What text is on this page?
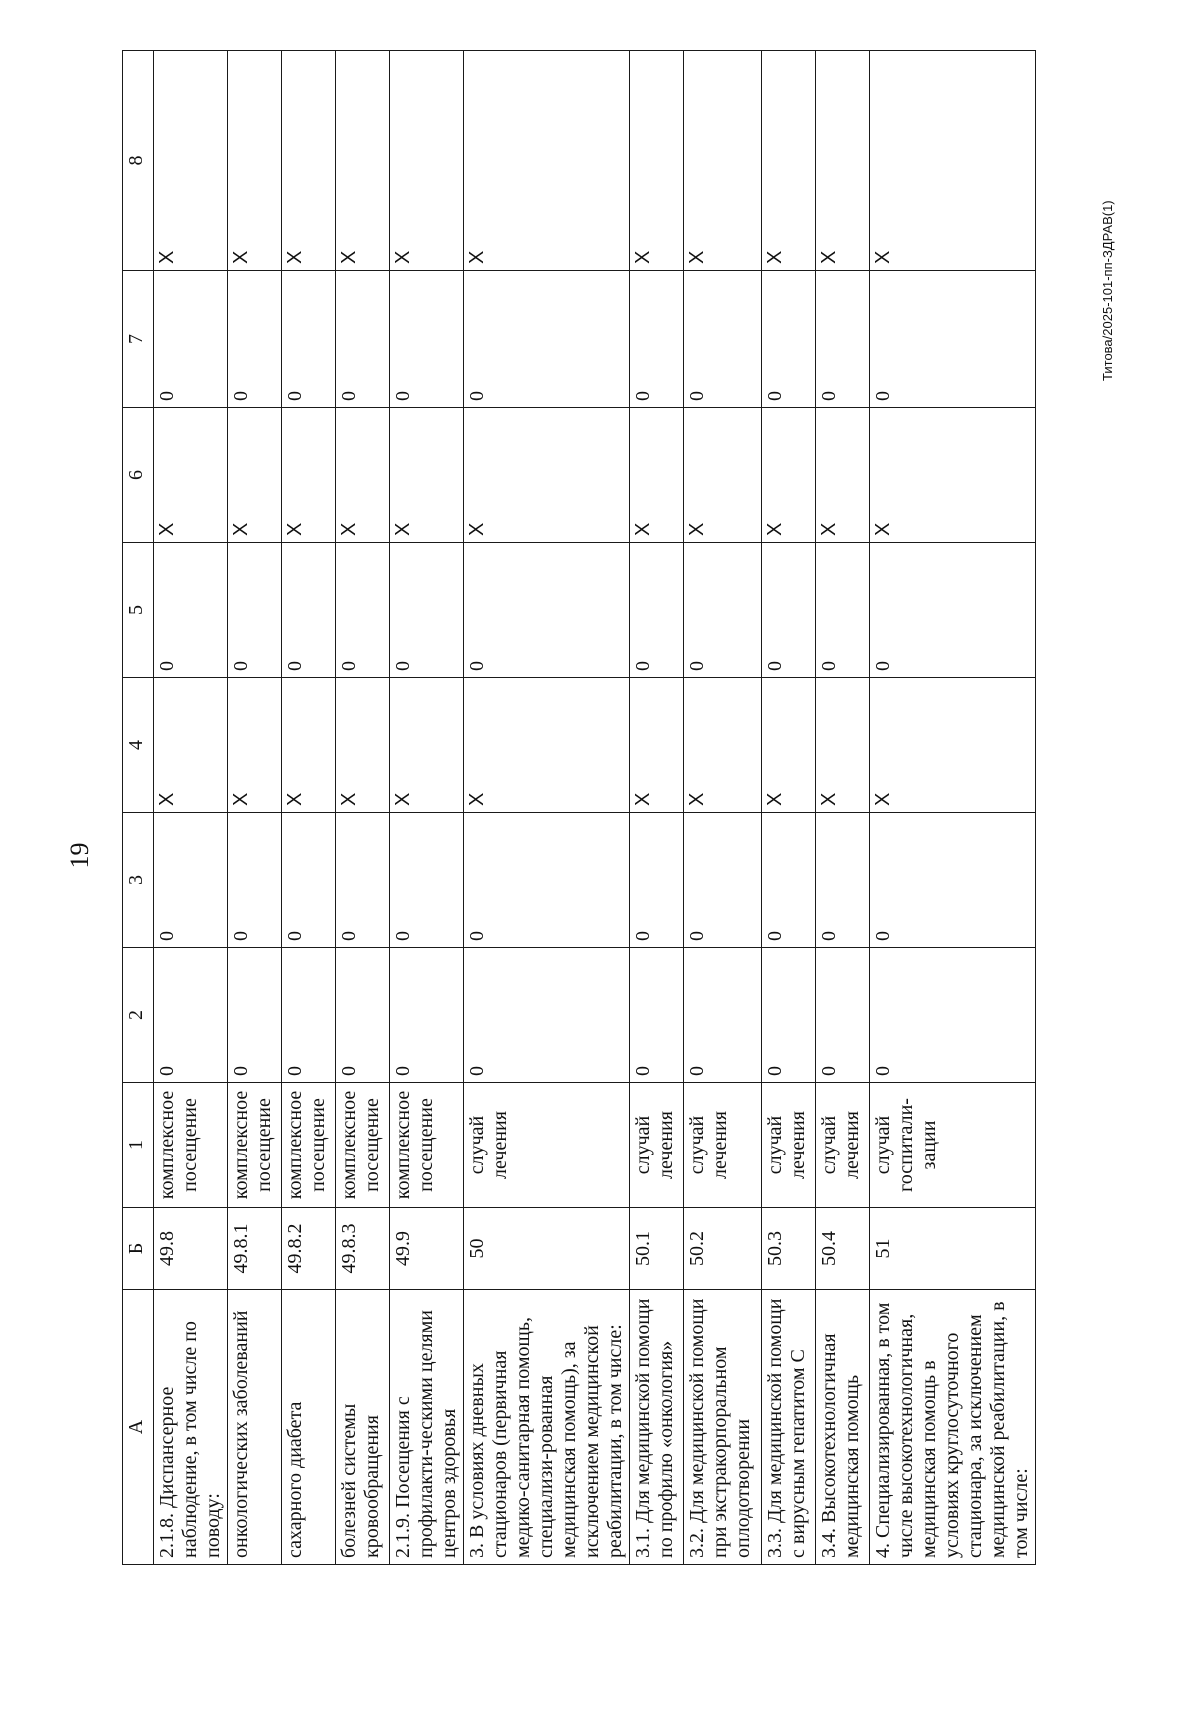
19
А	Б	1	2	3	4	5	6	7	8
2.1.8. Диспансерное наблюдение, в том числе по поводу:	49.8	комплексное посещение	0	0	X	0	X	0	X
онкологических заболеваний	49.8.1	комплексное посещение	0	0	X	0	X	0	X
сахарного диабета	49.8.2	комплексное посещение	0	0	X	0	X	0	X
болезней системы кровообращения	49.8.3	комплексное посещение	0	0	X	0	X	0	X
2.1.9. Посещения с профилакти-ческими целями центров здоровья	49.9	комплексное посещение	0	0	X	0	X	0	X
3. В условиях дневных стационаров (первичная медико-санитарная помощь, специализи-рованная медицинская помощь), за исключением медицинской реабилитации, в том числе:	50	случай лечения	0	0	X	0	X	0	X
3.1. Для медицинской помощи по профилю «онкология»	50.1	случай лечения	0	0	X	0	X	0	X
3.2. Для медицинской помощи при экстракорпоральном оплодотворении	50.2	случай лечения	0	0	X	0	X	0	X
3.3. Для медицинской помощи с вирусным гепатитом С	50.3	случай лечения	0	0	X	0	X	0	X
3.4. Высокотехнологичная медицинская помощь	50.4	случай лечения	0	0	X	0	X	0	X
4. Специализированная, в том числе высокотехнологичная, медицинская помощь в условиях круглосуточного стационара, за исключением медицинской реабилитации, в том числе:	51	случай госпитали-зации	0	0	X	0	X	0	X	Титова/2025-101-пп-ЗДРАВ(1)
